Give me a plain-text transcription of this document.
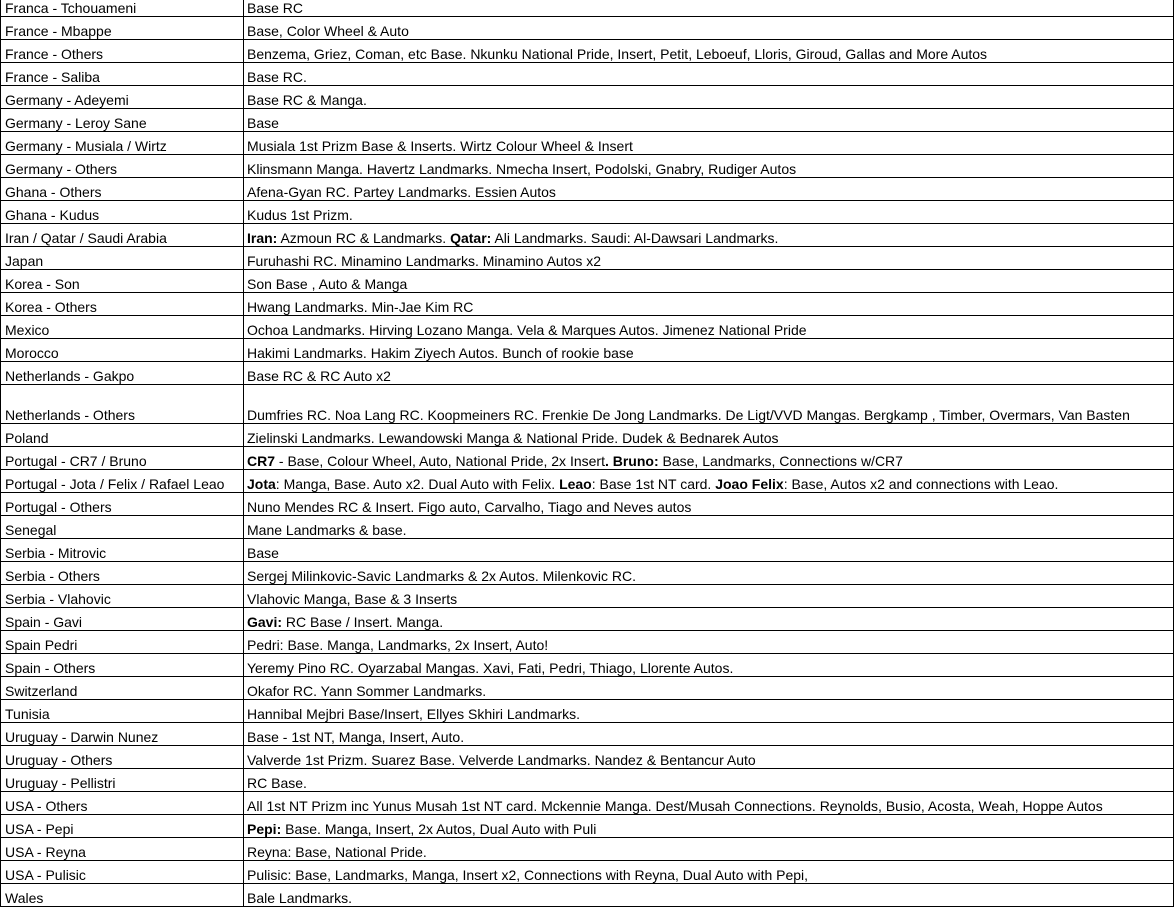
Franca - Tchouameni	Base RC
France - Mbappe	Base, Color Wheel & Auto
France - Others	Benzema, Griez, Coman, etc Base. Nkunku National Pride, Insert, Petit, Leboeuf, Lloris, Giroud, Gallas and More Autos
France - Saliba	Base RC.
Germany - Adeyemi	Base RC & Manga.
Germany - Leroy Sane	Base
Germany - Musiala / Wirtz	Musiala 1st Prizm Base & Inserts. Wirtz Colour Wheel & Insert
Germany - Others	Klinsmann Manga. Havertz Landmarks. Nmecha Insert, Podolski, Gnabry, Rudiger Autos
Ghana - Others	Afena-Gyan RC. Partey Landmarks. Essien Autos
Ghana - Kudus	Kudus 1st Prizm.
Iran / Qatar / Saudi Arabia	Iran: Azmoun RC & Landmarks. Qatar: Ali Landmarks. Saudi: Al-Dawsari Landmarks.
Japan	Furuhashi RC. Minamino Landmarks. Minamino Autos x2
Korea - Son	Son Base , Auto & Manga
Korea - Others	Hwang Landmarks. Min-Jae Kim RC
Mexico	Ochoa Landmarks. Hirving Lozano Manga. Vela & Marques Autos. Jimenez National Pride
Morocco	Hakimi Landmarks. Hakim Ziyech Autos. Bunch of rookie base
Netherlands - Gakpo	Base RC & RC Auto x2
Netherlands - Others	Dumfries RC. Noa Lang RC. Koopmeiners RC. Frenkie De Jong Landmarks. De Ligt/VVD Mangas. Bergkamp , Timber, Overmars, Van Basten
Poland	Zielinski Landmarks. Lewandowski Manga & National Pride. Dudek & Bednarek Autos
Portugal - CR7 / Bruno	CR7 - Base, Colour Wheel, Auto, National Pride, 2x Insert. Bruno: Base, Landmarks, Connections w/CR7
Portugal - Jota / Felix / Rafael Leao	Jota: Manga, Base. Auto x2. Dual Auto with Felix. Leao: Base 1st NT card. Joao Felix: Base, Autos x2 and connections with Leao.
Portugal - Others	Nuno Mendes RC & Insert. Figo auto, Carvalho, Tiago and Neves autos
Senegal	Mane Landmarks & base.
Serbia - Mitrovic	Base
Serbia - Others	Sergej Milinkovic-Savic Landmarks & 2x Autos. Milenkovic RC.
Serbia - Vlahovic	Vlahovic Manga, Base & 3 Inserts
Spain - Gavi	Gavi: RC Base / Insert. Manga.
Spain Pedri	Pedri: Base. Manga, Landmarks, 2x Insert, Auto!
Spain - Others	Yeremy Pino RC. Oyarzabal Mangas. Xavi, Fati, Pedri, Thiago, Llorente Autos.
Switzerland	Okafor RC. Yann Sommer Landmarks.
Tunisia	Hannibal Mejbri Base/Insert, Ellyes Skhiri Landmarks.
Uruguay - Darwin Nunez	Base - 1st NT, Manga, Insert, Auto.
Uruguay - Others	Valverde 1st Prizm. Suarez Base. Velverde Landmarks. Nandez & Bentancur Auto
Uruguay - Pellistri	RC Base.
USA - Others	All 1st NT Prizm inc Yunus Musah 1st NT card. Mckennie Manga. Dest/Musah Connections. Reynolds, Busio, Acosta, Weah, Hoppe Autos
USA - Pepi	Pepi: Base. Manga, Insert, 2x Autos, Dual Auto with Puli
USA - Reyna	Reyna: Base, National Pride.
USA - Pulisic	Pulisic: Base, Landmarks, Manga, Insert x2, Connections with Reyna, Dual Auto with Pepi,
Wales	Bale Landmarks.
